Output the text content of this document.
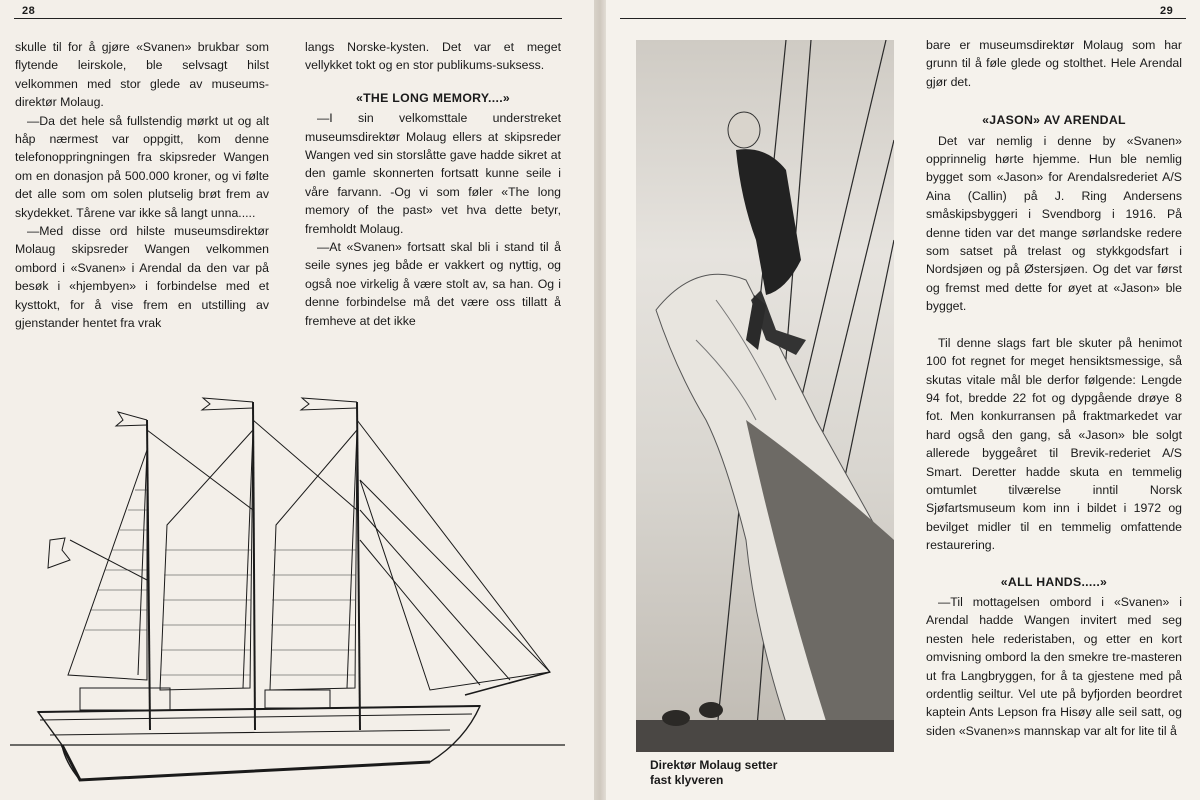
28

skulle til for å gjøre «Svanen» brukbar som flytende leirskole, ble selvsagt hilst velkommen med stor glede av museums-direktør Molaug.

—Da det hele så fullstendig mørkt ut og alt håp nærmest var oppgitt, kom denne telefonoppringningen fra skipsreder Wangen om en donasjon på 500.000 kroner, og vi følte det alle som om solen plutselig brøt frem av skydekket. Tårene var ikke så langt unna.....

—Med disse ord hilste museumsdirektør Molaug skipsreder Wangen velkommen ombord i «Svanen» i Arendal da den var på besøk i «hjembyen» i forbindelse med et kysttokt, for å vise frem en utstilling av gjenstander hentet fra vrak

langs Norske-kysten. Det var et meget vellykket tokt og en stor publikums-suksess.

«THE LONG MEMORY....»

—I sin velkomsttale understreket museumsdirektør Molaug ellers at skipsreder Wangen ved sin storslåtte gave hadde sikret at den gamle skonnerten fortsatt kunne seile i våre farvann. -Og vi som føler «The long memory of the past» vet hva dette betyr, fremholdt Molaug.

—At «Svanen» fortsatt skal bli i stand til å seile synes jeg både er vakkert og nyttig, og også noe virkelig å være stolt av, sa han. Og i denne forbindelse må det være oss tillatt å fremheve at det ikke

29
Direktør Molaug setter
fast klyveren

bare er museumsdirektør Molaug som har grunn til å føle glede og stolthet. Hele Arendal gjør det.

«JASON» AV ARENDAL

Det var nemlig i denne by «Svanen» opprinnelig hørte hjemme. Hun ble nemlig bygget som «Jason» for Arendalsrederiet A/S Aina (Callin) på J. Ring Andersens småskipsbyggeri i Svendborg i 1916. På denne tiden var det mange sørlandske redere som satset på trelast og stykkgodsfart i Nordsjøen og på Østersjøen. Og det var først og fremst med dette for øyet at «Jason» ble bygget.

Til denne slags fart ble skuter på henimot 100 fot regnet for meget hensiktsmessige, så skutas vitale mål ble derfor følgende: Lengde 94 fot, bredde 22 fot og dypgående drøye 8 fot. Men konkurransen på fraktmarkedet var hard også den gang, så «Jason» ble solgt allerede byggeåret til Brevik-rederiet A/S Smart. Deretter hadde skuta en temmelig omtumlet tilværelse inntil Norsk Sjøfartsmuseum kom inn i bildet i 1972 og bevilget midler til en temmelig omfattende restaurering.

«ALL HANDS.....»

—Til mottagelsen ombord i «Svanen» i Arendal hadde Wangen invitert med seg nesten hele rederistaben, og etter en kort omvisning ombord la den smekre tre-masteren ut fra Langbryggen, for å ta gjestene med på ordentlig seiltur. Vel ute på byfjorden beordret kaptein Ants Lepson fra Hisøy alle seil satt, og siden «Svanen»s mannskap var alt for lite til å
